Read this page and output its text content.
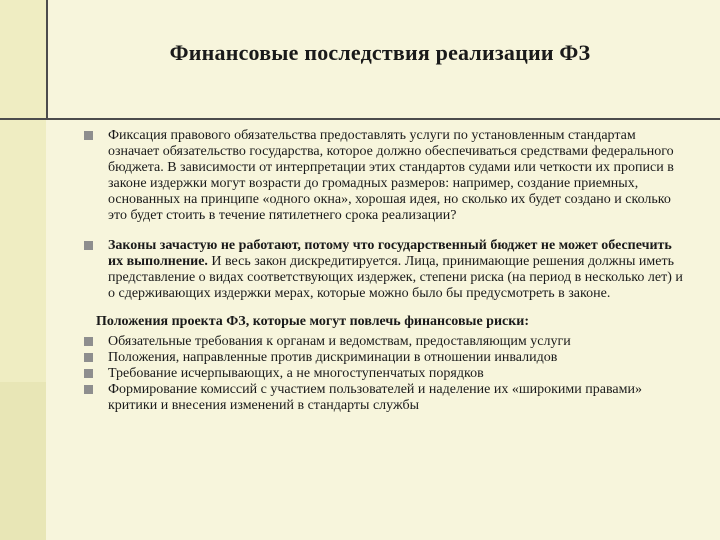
Финансовые последствия реализации ФЗ

Фиксация правового обязательства предоставлять услуги по установленным стандартам означает обязательство государства, которое должно обеспечиваться средствами федерального бюджета. В зависимости от интерпретации этих стандартов судами или четкости их прописи в законе издержки могут возрасти до громадных размеров: например, создание приемных, основанных на принципе «одного окна», хорошая идея, но сколько их будет создано и сколько это будет стоить в течение пятилетнего срока реализации?

Законы зачастую не работают, потому что государственный бюджет не может обеспечить их выполнение. И весь закон дискредитируется. Лица, принимающие решения должны иметь представление о видах соответствующих издержек, степени риска (на период в несколько лет) и о сдерживающих издержки мерах, которые можно было бы предусмотреть в законе.

Положения проекта ФЗ, которые могут повлечь финансовые риски:

Обязательные требования к органам и ведомствам, предоставляющим услуги

Положения, направленные против дискриминации в отношении инвалидов

Требование исчерпывающих, а не многоступенчатых порядков

Формирование комиссий с участием пользователей и наделение их «широкими правами» критики и внесения изменений в стандарты службы
